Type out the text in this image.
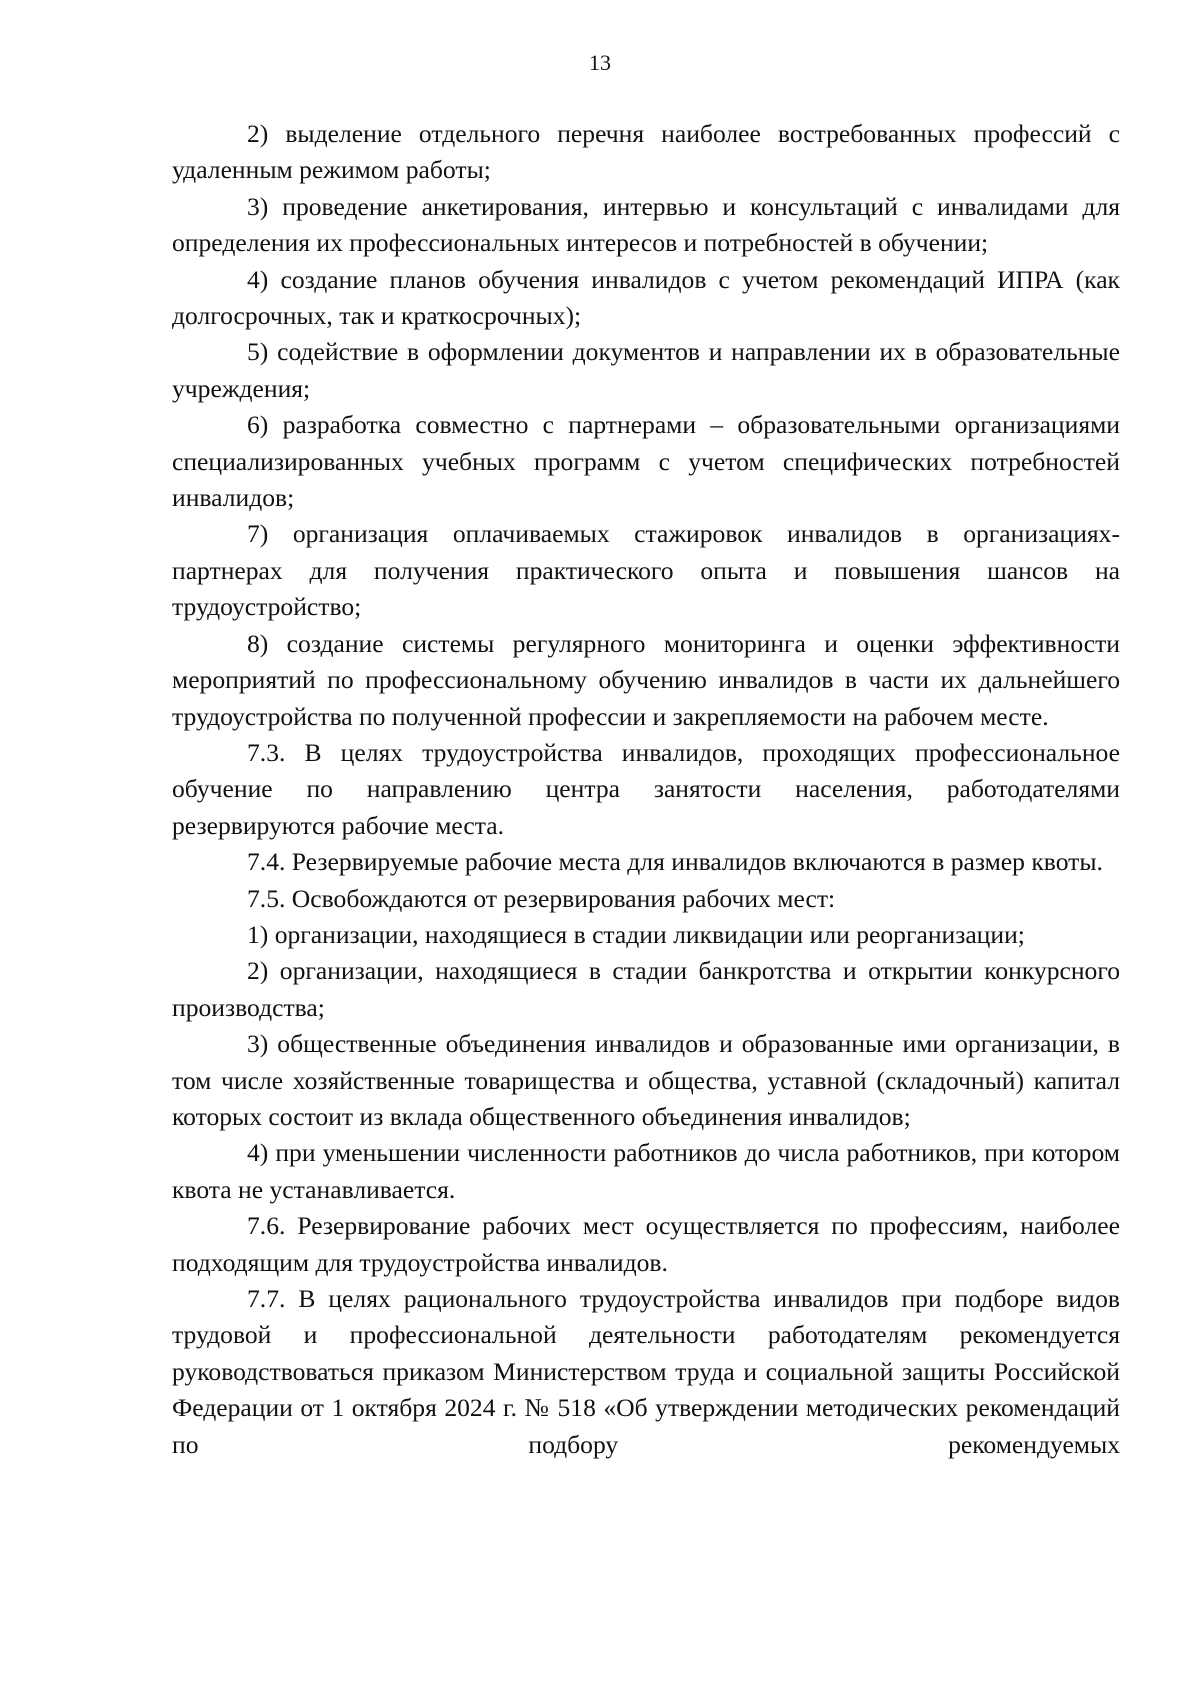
13

2) выделение отдельного перечня наиболее востребованных профессий с удаленным режимом работы;

3) проведение анкетирования, интервью и консультаций с инвалидами для определения их профессиональных интересов и потребностей в обучении;

4) создание планов обучения инвалидов с учетом рекомендаций ИПРА (как долгосрочных, так и краткосрочных);

5) содействие в оформлении документов и направлении их в образовательные учреждения;

6) разработка совместно с партнерами – образовательными организациями специализированных учебных программ с учетом специфических потребностей инвалидов;

7) организация оплачиваемых стажировок инвалидов в организациях-партнерах для получения практического опыта и повышения шансов на трудоустройство;

8) создание системы регулярного мониторинга и оценки эффективности мероприятий по профессиональному обучению инвалидов в части их дальнейшего трудоустройства по полученной профессии и закрепляемости на рабочем месте.

7.3. В целях трудоустройства инвалидов, проходящих профессиональное обучение по направлению центра занятости населения, работодателями резервируются рабочие места.

7.4. Резервируемые рабочие места для инвалидов включаются в размер квоты.

7.5. Освобождаются от резервирования рабочих мест:

1) организации, находящиеся в стадии ликвидации или реорганизации;

2) организации, находящиеся в стадии банкротства и открытии конкурсного производства;

3) общественные объединения инвалидов и образованные ими организации, в том числе хозяйственные товарищества и общества, уставной (складочный) капитал которых состоит из вклада общественного объединения инвалидов;

4) при уменьшении численности работников до числа работников, при котором квота не устанавливается.

7.6. Резервирование рабочих мест осуществляется по профессиям, наиболее подходящим для трудоустройства инвалидов.

7.7. В целях рационального трудоустройства инвалидов при подборе видов трудовой и профессиональной деятельности работодателям рекомендуется руководствоваться приказом Министерством труда и социальной защиты Российской Федерации от 1 октября 2024 г. № 518 «Об утверждении методических рекомендаций по подбору рекомендуемых
